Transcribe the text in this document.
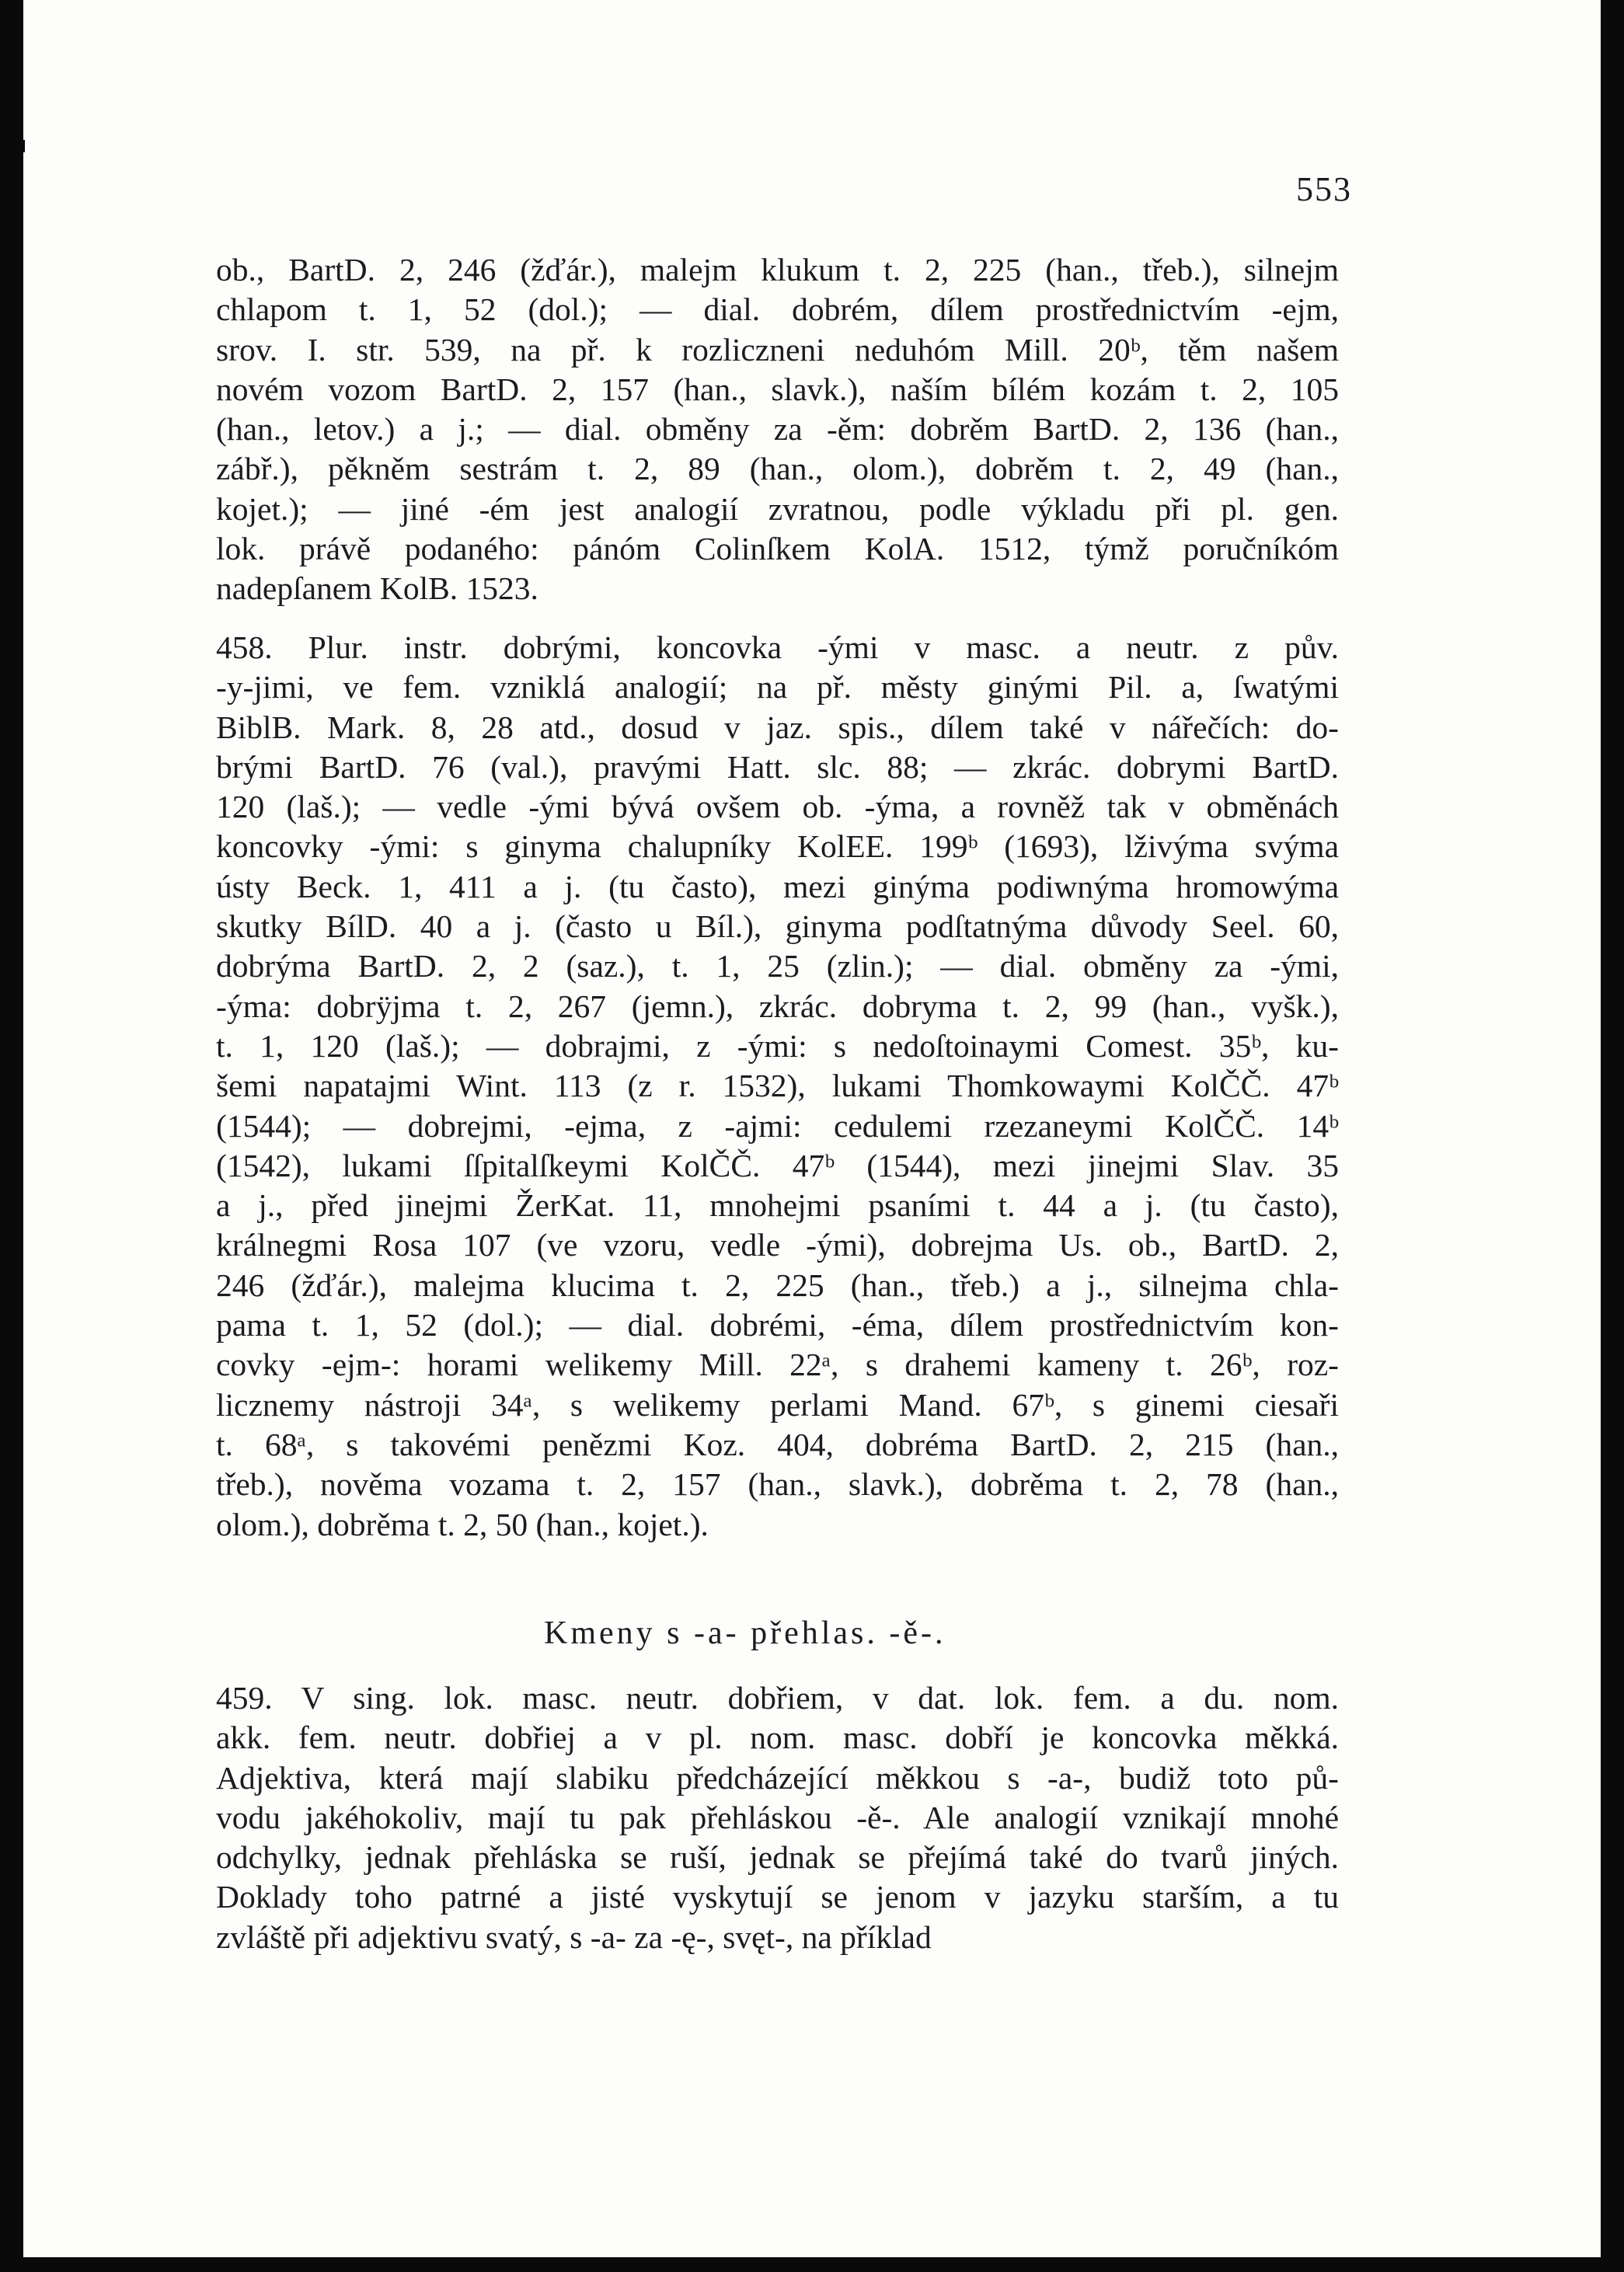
553
ob., BartD. 2, 246 (žďár.), malejm klukum t. 2, 225 (han., třeb.), silnejm
chlapom t. 1, 52 (dol.); — dial. dobrém, dílem prostřednictvím -ejm,
srov. I. str. 539, na př. k rozliczneni neduhóm Mill. 20ᵇ, těm našem
novém vozom BartD. 2, 157 (han., slavk.), naším bílém kozám t. 2, 105
(han., letov.) a j.; — dial. obměny za -ěm: dobrěm BartD. 2, 136 (han.,
zábř.), pěkněm sestrám t. 2, 89 (han., olom.), dobrěm t. 2, 49 (han.,
kojet.); — jiné -ém jest analogií zvratnou, podle výkladu při pl. gen.
lok. právě podaného: pánóm Colinſkem KolA. 1512, týmž poručníkóm
nadepſanem KolB. 1523.
458. Plur. instr. dobrými, koncovka -ými v masc. a neutr. z pův.
-y-jimi, ve fem. vzniklá analogií; na př. městy ginými Pil. a, ſwatými
BiblB. Mark. 8, 28 atd., dosud v jaz. spis., dílem také v nářečích: do-
brými BartD. 76 (val.), pravými Hatt. slc. 88; — zkrác. dobrymi BartD.
120 (laš.); — vedle -ými bývá ovšem ob. -ýma, a rovněž tak v obměnách
koncovky -ými: s ginyma chalupníky KolEE. 199ᵇ (1693), lživýma svýma
ústy Beck. 1, 411 a j. (tu často), mezi ginýma podiwnýma hromowýma
skutky BílD. 40 a j. (často u Bíl.), ginyma podſtatnýma důvody Seel. 60,
dobrýma BartD. 2, 2 (saz.), t. 1, 25 (zlin.); — dial. obměny za -ými,
-ýma: dobrÿjma t. 2, 267 (jemn.), zkrác. dobryma t. 2, 99 (han., vyšk.),
t. 1, 120 (laš.); — dobrajmi, z -ými: s nedoſtoinaymi Comest. 35ᵇ, ku-
šemi napatajmi Wint. 113 (z r. 1532), lukami Thomkowaymi KolČČ. 47ᵇ
(1544); — dobrejmi, -ejma, z -ajmi: cedulemi rzezaneymi KolČČ. 14ᵇ
(1542), lukami ſſpitalſkeymi KolČČ. 47ᵇ (1544), mezi jinejmi Slav. 35
a j., před jinejmi ŽerKat. 11, mnohejmi psaními t. 44 a j. (tu často),
králnegmi Rosa 107 (ve vzoru, vedle -ými), dobrejma Us. ob., BartD. 2,
246 (žďár.), malejma klucima t. 2, 225 (han., třeb.) a j., silnejma chla-
pama t. 1, 52 (dol.); — dial. dobrémi, -éma, dílem prostřednictvím kon-
covky -ejm-: horami welikemy Mill. 22ᵃ, s drahemi kameny t. 26ᵇ, roz-
licznemy nástroji 34ᵃ, s welikemy perlami Mand. 67ᵇ, s ginemi ciesaři
t. 68ᵃ, s takovémi penězmi Koz. 404, dobréma BartD. 2, 215 (han.,
třeb.), nověma vozama t. 2, 157 (han., slavk.), dobrěma t. 2, 78 (han.,
olom.), dobrěma t. 2, 50 (han., kojet.).
Kmeny s -a- přehlas. -ě-.
459. V sing. lok. masc. neutr. dobřiem, v dat. lok. fem. a du. nom.
akk. fem. neutr. dobřiej a v pl. nom. masc. dobří je koncovka měkká.
Adjektiva, která mají slabiku předcházející měkkou s -a-, budiž toto pů-
vodu jakéhokoliv, mají tu pak přehláskou -ě-. Ale analogií vznikají mnohé
odchylky, jednak přehláska se ruší, jednak se přejímá také do tvarů jiných.
Doklady toho patrné a jisté vyskytují se jenom v jazyku starším, a tu
zvláště při adjektivu svatý, s -a- za -ę-, svęt-, na příklad
